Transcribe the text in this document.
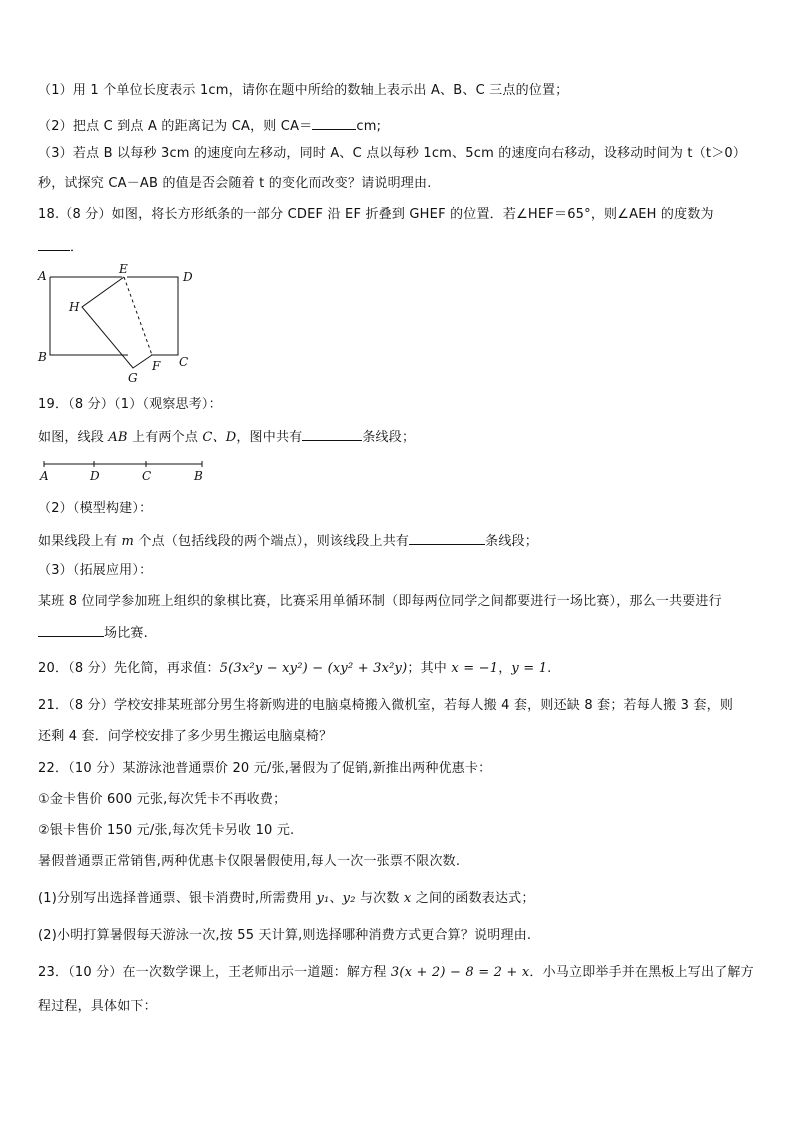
（1）用 1 个单位长度表示 1cm，请你在题中所给的数轴上表示出 A、B、C 三点的位置；
（2）把点 C 到点 A 的距离记为 CA，则 CA＝	cm;
（3）若点 B 以每秒 3cm 的速度向左移动，同时 A、C 点以每秒 1cm、5cm 的速度向右移动，设移动时间为 t（t＞0）
秒，试探究 CA－AB 的值是否会随着 t 的变化而改变？请说明理由.
18.（8 分）如图，将长方形纸条的一部分 CDEF 沿 EF 折叠到 GHEF 的位置．若∠HEF＝65°，则∠AEH 的度数为
．
A	E
D
H
B
F C
G
19．（8 分）（1）（观察思考）：
如图，线段 AB 上有两个点 C、D，图中共有	条线段；
A	D	C	B
（2）（模型构建）：
如果线段上有 m 个点（包括线段的两个端点），则该线段上共有	条线段；
（3）（拓展应用）：
某班 8 位同学参加班上组织的象棋比赛，比赛采用单循环制（即每两位同学之间都要进行一场比赛），那么一共要进行
场比赛.
20．（8 分）先化简，再求值：5(3x²y − xy²) − (xy² + 3x²y)；其中 x = −1，y = 1.
21．（8 分）学校安排某班部分男生将新购进的电脑桌椅搬入微机室，若每人搬 4 套，则还缺 8 套；若每人搬 3 套，则
还剩 4 套．问学校安排了多少男生搬运电脑桌椅？
22．（10 分）某游泳池普通票价 20 元/张,暑假为了促销,新推出两种优惠卡：
①金卡售价 600 元张,每次凭卡不再收费；
②银卡售价 150 元/张,每次凭卡另收 10 元.
暑假普通票正常销售,两种优惠卡仅限暑假使用,每人一次一张票不限次数.
(1)分别写出选择普通票、银卡消费时,所需费用 y₁、y₂ 与次数 x 之间的函数表达式；
(2)小明打算暑假每天游泳一次,按 55 天计算,则选择哪种消费方式更合算？说明理由.
23．（10 分）在一次数学课上，王老师出示一道题：解方程 3(x + 2) − 8 = 2 + x．小马立即举手并在黑板上写出了解方
程过程，具体如下：
